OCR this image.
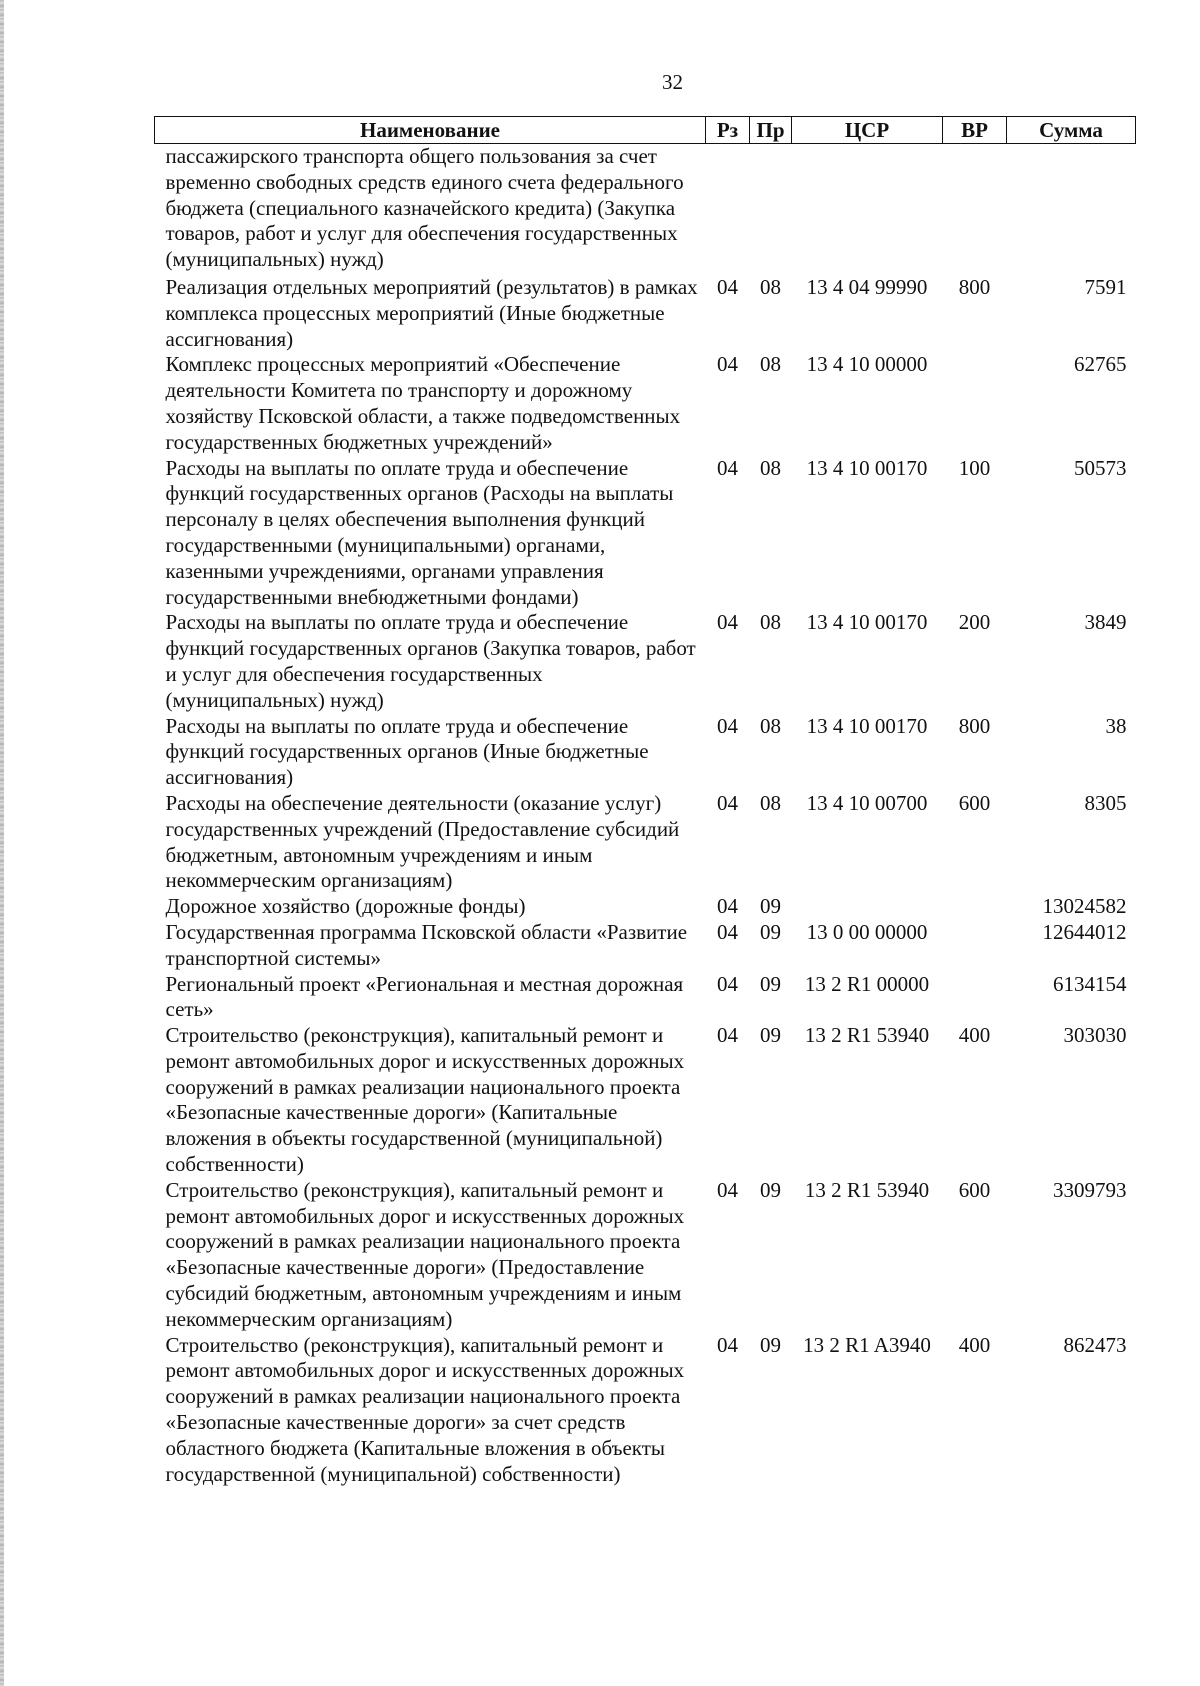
32
Наименование	Рз	Пр	ЦСР	ВР	Сумма
пассажирского транспорта общего пользования за счет временно свободных средств единого счета федерального бюджета (специального казначейского кредита) (Закупка товаров, работ и услуг для обеспечения государственных (муниципальных) нужд)					
Реализация отдельных мероприятий (результатов) в рамках комплекса процессных мероприятий (Иные бюджетные ассигнования)	04	08	13 4 04 99990	800	7591
Комплекс процессных мероприятий «Обеспечение деятельности Комитета по транспорту и дорожному хозяйству Псковской области, а также подведомственных государственных бюджетных учреждений»	04	08	13 4 10 00000		62765
Расходы на выплаты по оплате труда и обеспечение функций государственных органов (Расходы на выплаты персоналу в целях обеспечения выполнения функций государственными (муниципальными) органами, казенными учреждениями, органами управления государственными внебюджетными фондами)	04	08	13 4 10 00170	100	50573
Расходы на выплаты по оплате труда и обеспечение функций государственных органов (Закупка товаров, работ и услуг для обеспечения государственных (муниципальных) нужд)	04	08	13 4 10 00170	200	3849
Расходы на выплаты по оплате труда и обеспечение функций государственных органов (Иные бюджетные ассигнования)	04	08	13 4 10 00170	800	38
Расходы на обеспечение деятельности (оказание услуг) государственных учреждений (Предоставление субсидий бюджетным, автономным учреждениям и иным некоммерческим организациям)	04	08	13 4 10 00700	600	8305
Дорожное хозяйство (дорожные фонды)	04	09			13024582
Государственная программа Псковской области «Развитие транспортной системы»	04	09	13 0 00 00000		12644012
Региональный проект «Региональная и местная дорожная сеть»	04	09	13 2 R1 00000		6134154
Строительство (реконструкция), капитальный ремонт и ремонт автомобильных дорог и искусственных дорожных сооружений в рамках реализации национального проекта «Безопасные качественные дороги» (Капитальные вложения в объекты государственной (муниципальной) собственности)	04	09	13 2 R1 53940	400	303030
Строительство (реконструкция), капитальный ремонт и ремонт автомобильных дорог и искусственных дорожных сооружений в рамках реализации национального проекта «Безопасные качественные дороги» (Предоставление субсидий бюджетным, автономным учреждениям и иным некоммерческим организациям)	04	09	13 2 R1 53940	600	3309793
Строительство (реконструкция), капитальный ремонт и ремонт автомобильных дорог и искусственных дорожных сооружений в рамках реализации национального проекта «Безопасные качественные дороги» за счет средств областного бюджета (Капитальные вложения в объекты государственной (муниципальной) собственности)	04	09	13 2 R1 A3940	400	862473
